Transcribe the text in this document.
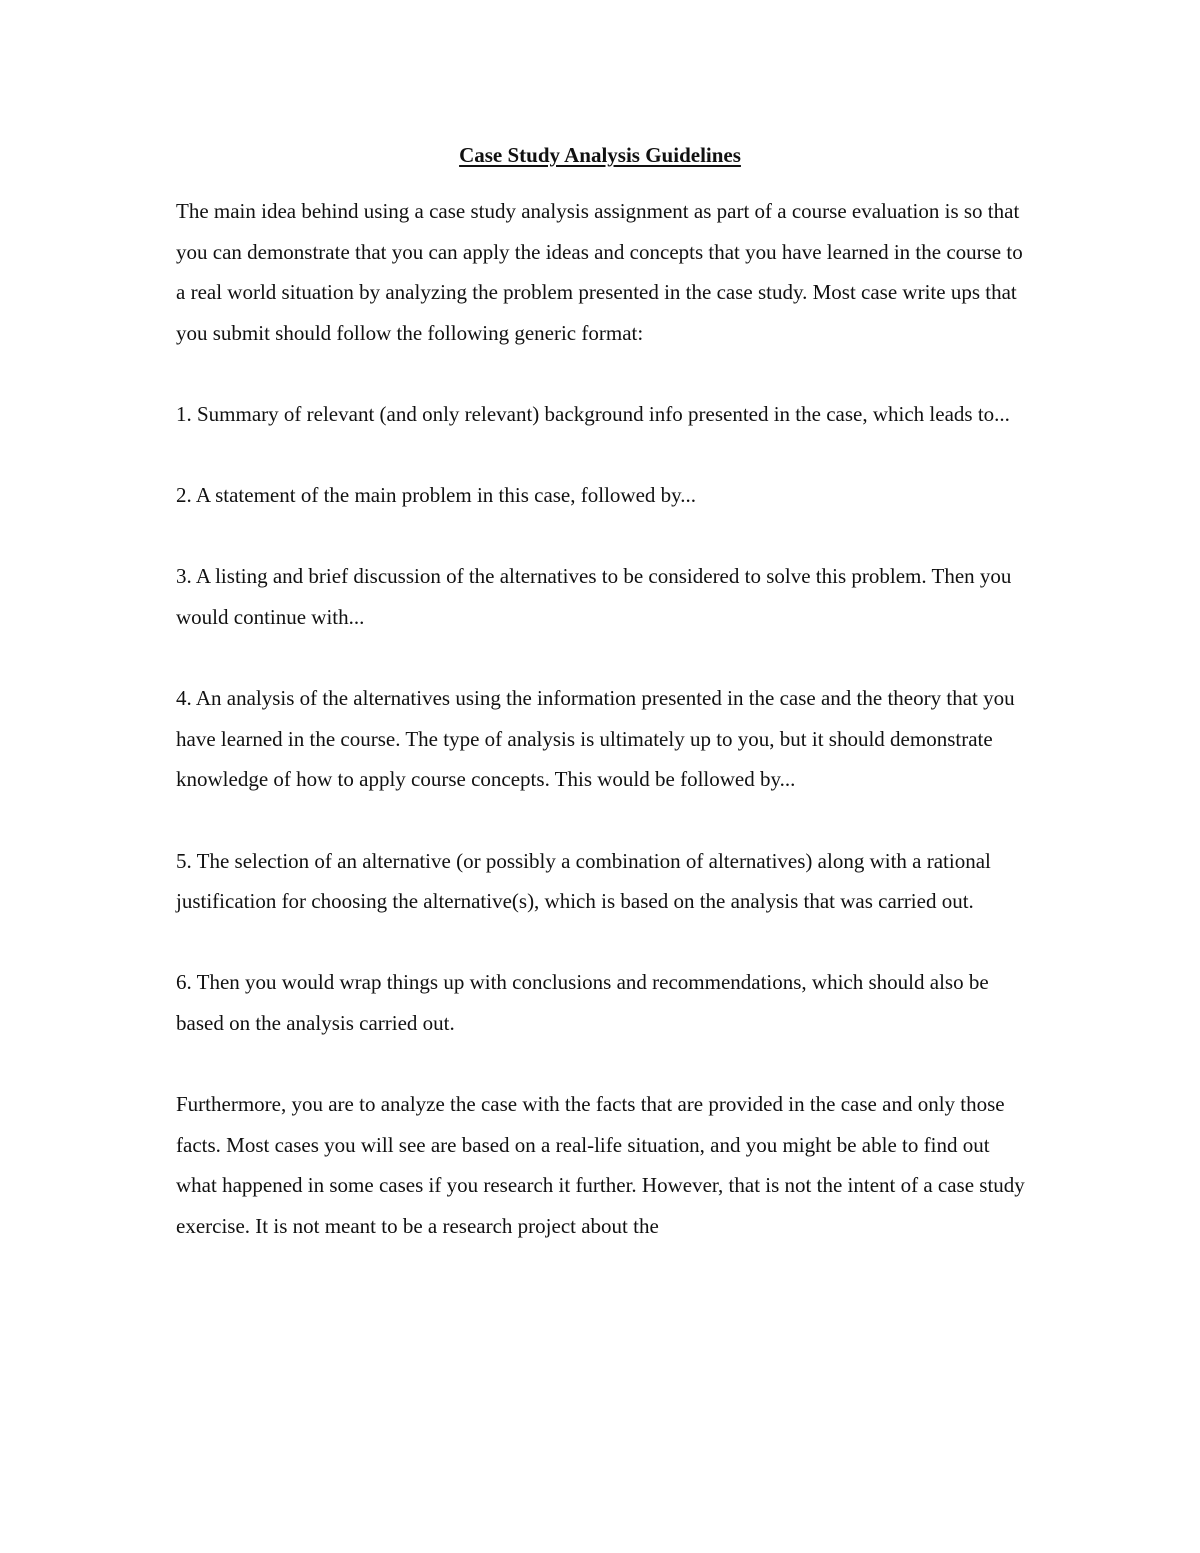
Case Study Analysis Guidelines

The main idea behind using a case study analysis assignment as part of a course evaluation is so that you can demonstrate that you can apply the ideas and concepts that you have learned in the course to a real world situation by analyzing the problem presented in the case study. Most case write ups that you submit should follow the following generic format:

1. Summary of relevant (and only relevant) background info presented in the case, which leads to...

2. A statement of the main problem in this case, followed by...

3. A listing and brief discussion of the alternatives to be considered to solve this problem. Then you would continue with...

4. An analysis of the alternatives using the information presented in the case and the theory that you have learned in the course. The type of analysis is ultimately up to you, but it should demonstrate knowledge of how to apply course concepts. This would be followed by...

5. The selection of an alternative (or possibly a combination of alternatives) along with a rational justification for choosing the alternative(s), which is based on the analysis that was carried out.

6. Then you would wrap things up with conclusions and recommendations, which should also be based on the analysis carried out.

Furthermore, you are to analyze the case with the facts that are provided in the case and only those facts. Most cases you will see are based on a real-life situation, and you might be able to find out what happened in some cases if you research it further. However, that is not the intent of a case study exercise. It is not meant to be a research project about the
